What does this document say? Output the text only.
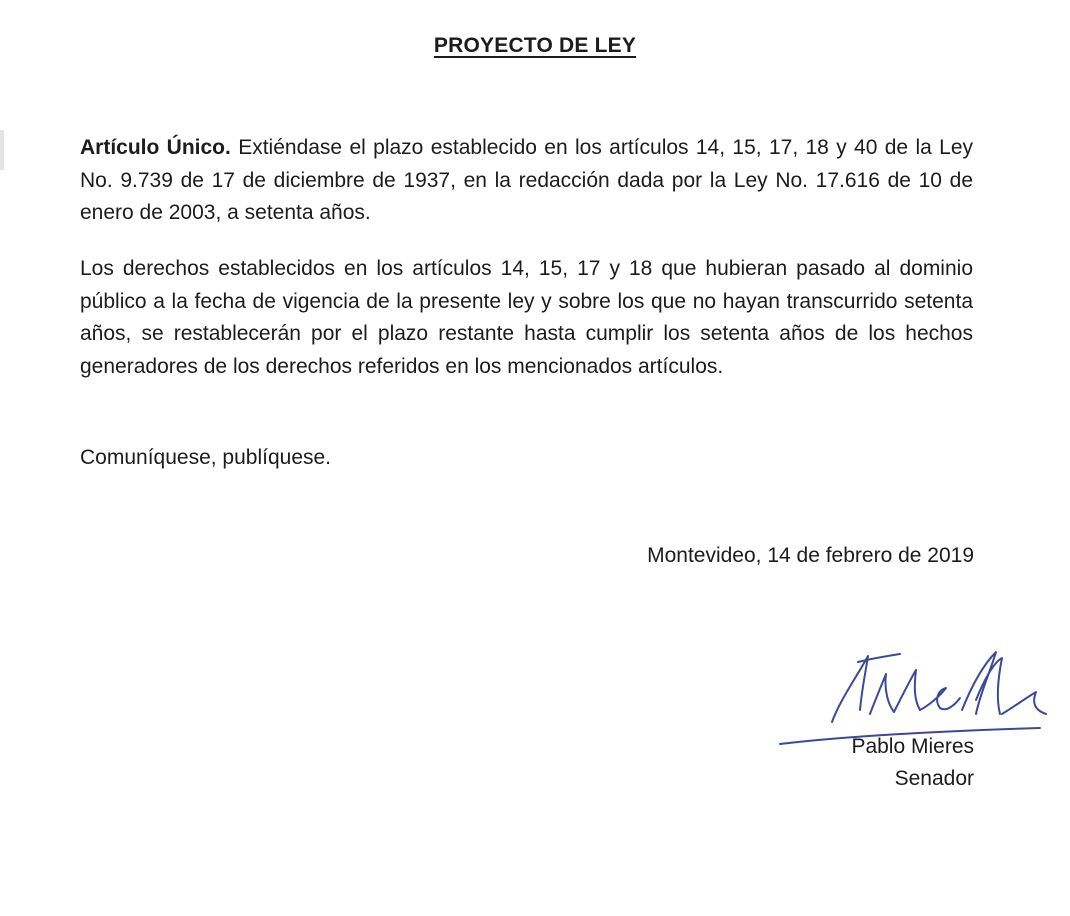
PROYECTO DE LEY
Artículo Único. Extiéndase el plazo establecido en los artículos 14, 15, 17, 18 y 40 de la Ley No. 9.739 de 17 de diciembre de 1937, en la redacción dada por la Ley No. 17.616 de 10 de enero de 2003, a setenta años.
Los derechos establecidos en los artículos 14, 15, 17 y 18 que hubieran pasado al dominio público a la fecha de vigencia de la presente ley y sobre los que no hayan transcurrido setenta años, se restablecerán por el plazo restante hasta cumplir los setenta años de los hechos generadores de los derechos referidos en los mencionados artículos.
Comuníquese, publíquese.
Montevideo, 14 de febrero de 2019
Pablo Mieres
Senador
